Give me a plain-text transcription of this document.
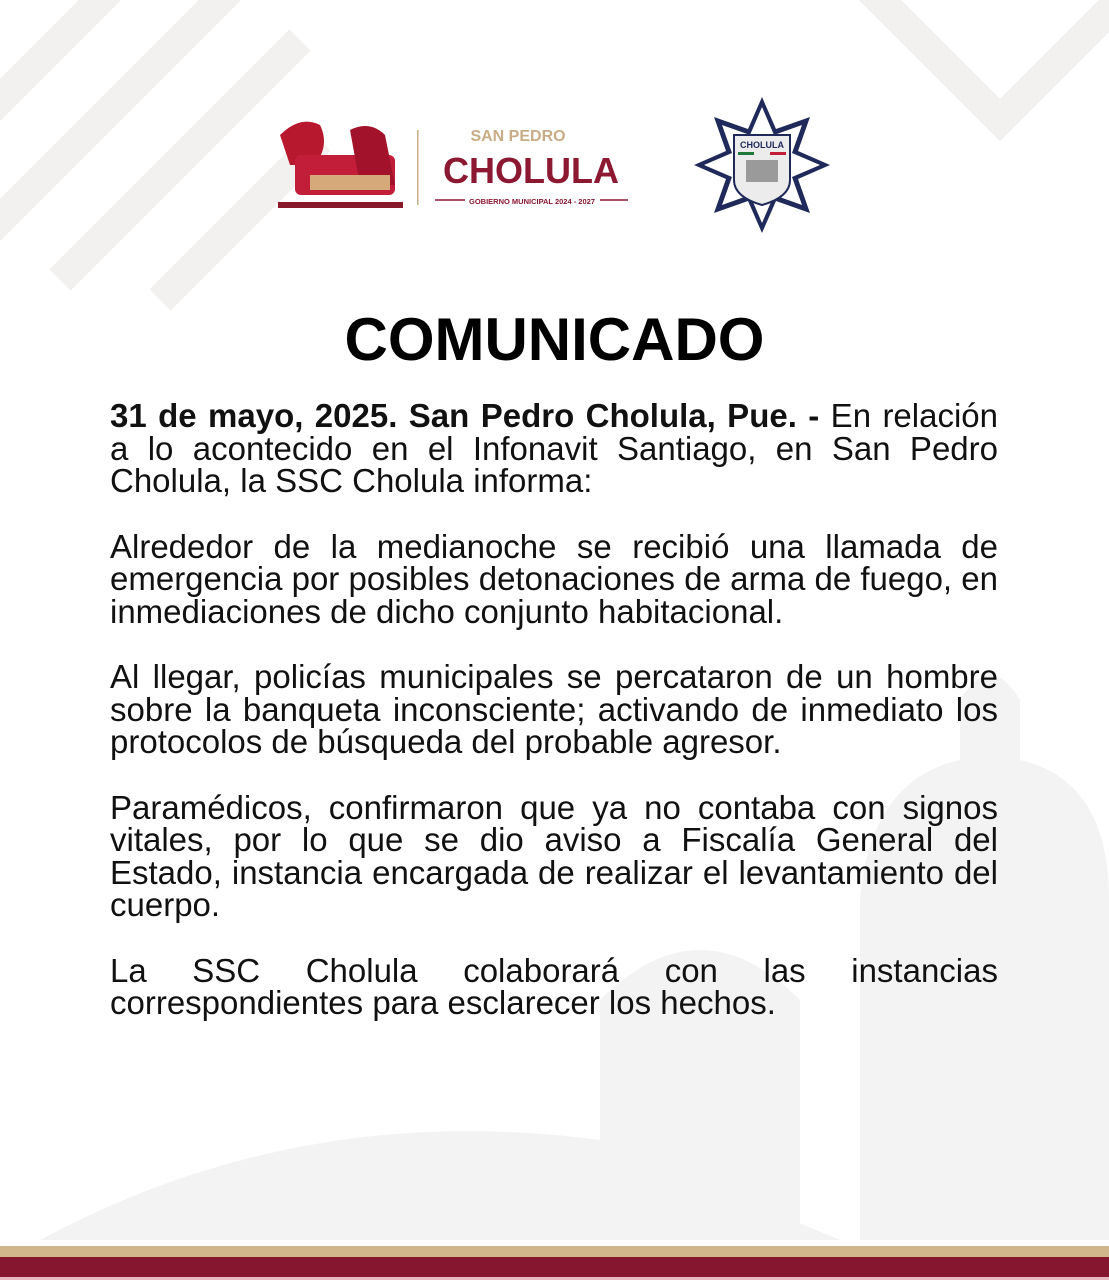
SAN PEDRO
CHOLULA
GOBIERNO MUNICIPAL 2024 - 2027
CHOLULA
COMUNICADO

31 de mayo, 2025. San Pedro Cholula, Pue. - En relación a lo acontecido en el Infonavit Santiago, en San Pedro Cholula, la SSC Cholula informa:

Alrededor de la medianoche se recibió una llamada de emergencia por posibles detonaciones de arma de fuego, en inmediaciones de dicho conjunto habitacional.

Al llegar, policías municipales se percataron de un hombre sobre la banqueta inconsciente; activando de inmediato los protocolos de búsqueda del probable agresor.

Paramédicos, confirmaron que ya no contaba con signos vitales, por lo que se dio aviso a Fiscalía General del Estado, instancia encargada de realizar el levantamiento del cuerpo.

La SSC Cholula colaborará con las instancias correspondientes para esclarecer los hechos.
